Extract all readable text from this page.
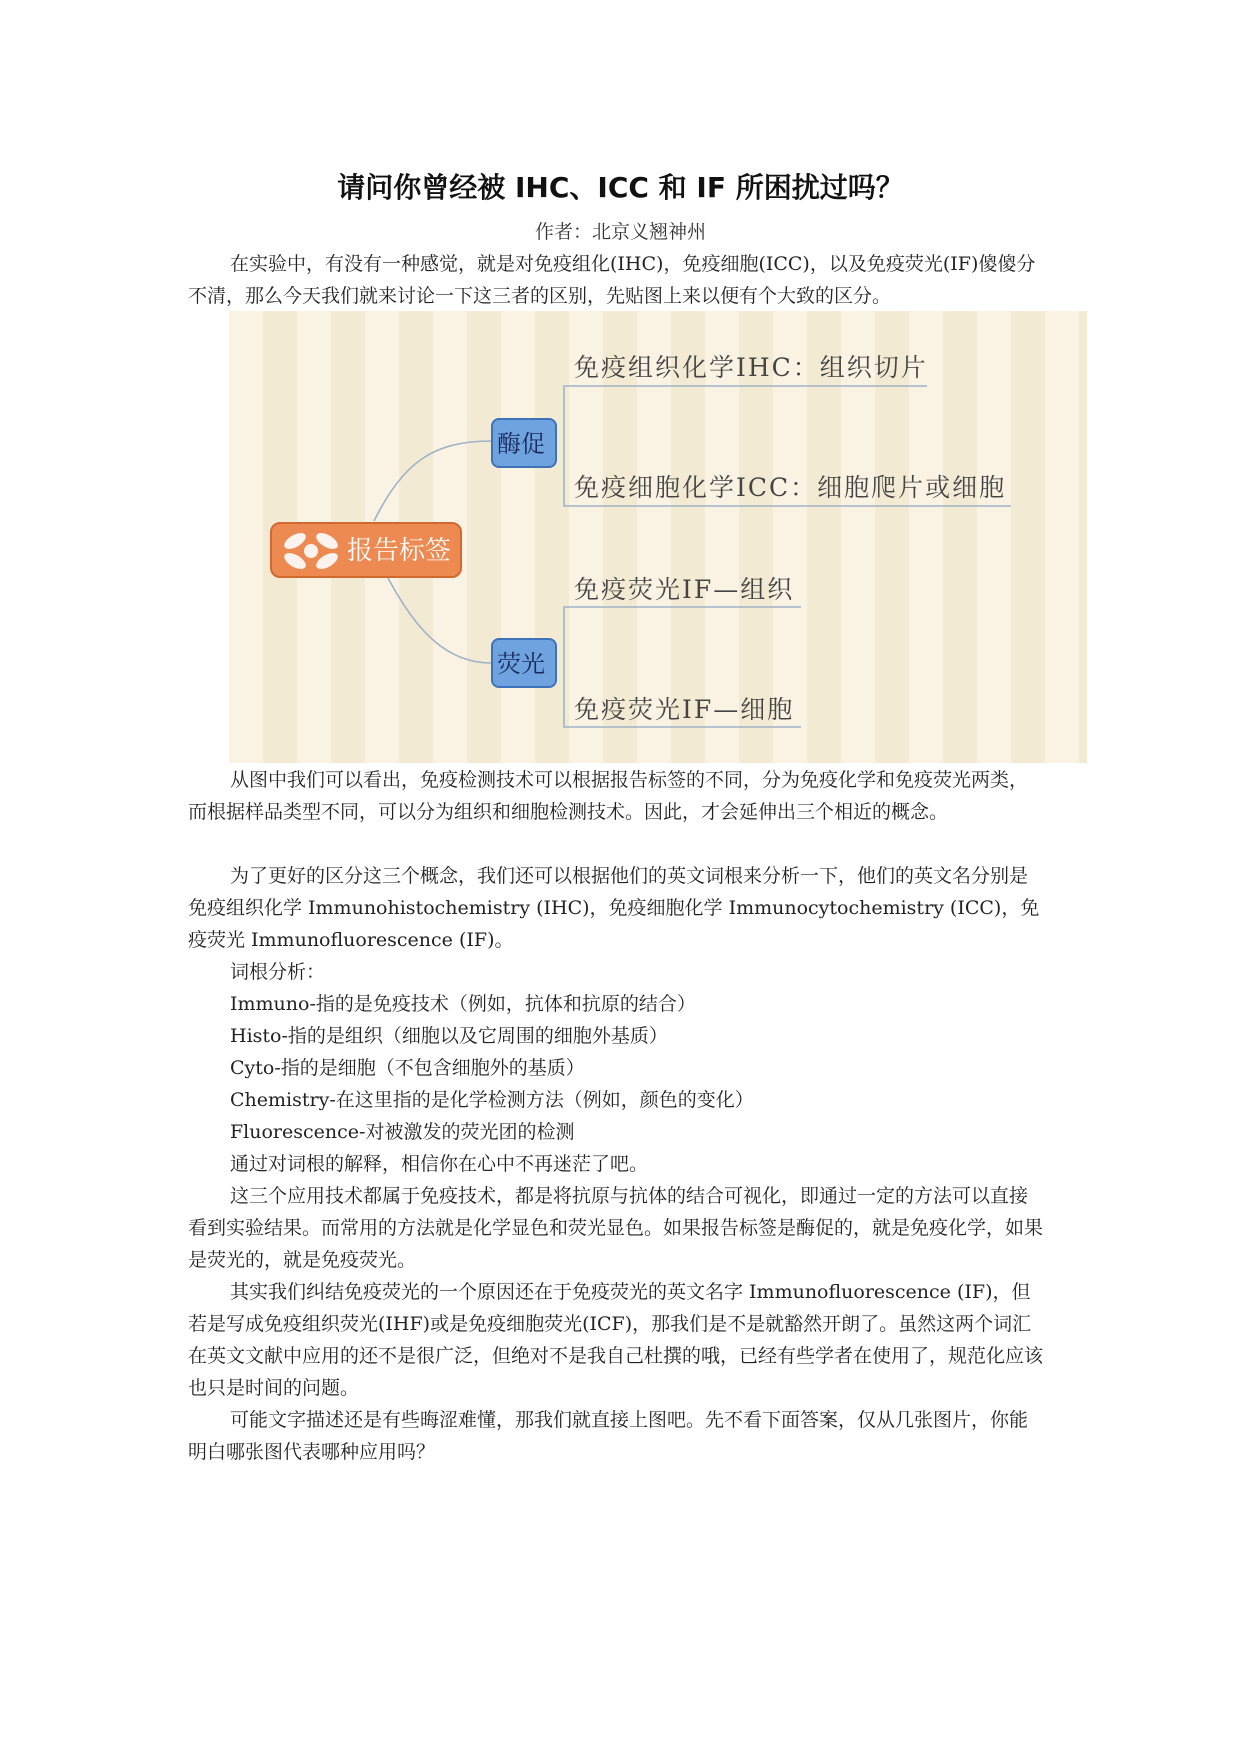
请问你曾经被 IHC、ICC 和 IF 所困扰过吗？
作者：北京义翘神州
在实验中，有没有一种感觉，就是对免疫组化(IHC)，免疫细胞(ICC)，以及免疫荧光(IF)傻傻分不清，那么今天我们就来讨论一下这三者的区别，先贴图上来以便有个大致的区分。
报告标签
酶促
荧光
免疫组织化学IHC：组织切片
免疫细胞化学ICC：细胞爬片或细胞
免疫荧光IF—组织
免疫荧光IF—细胞
从图中我们可以看出，免疫检测技术可以根据报告标签的不同，分为免疫化学和免疫荧光两类，而根据样品类型不同，可以分为组织和细胞检测技术。因此，才会延伸出三个相近的概念。
为了更好的区分这三个概念，我们还可以根据他们的英文词根来分析一下，他们的英文名分别是免疫组织化学 Immunohistochemistry (IHC)，免疫细胞化学 Immunocytochemistry (ICC)，免疫荧光 Immunofluorescence (IF)。
词根分析：
Immuno-指的是免疫技术（例如，抗体和抗原的结合）
Histo-指的是组织（细胞以及它周围的细胞外基质）
Cyto-指的是细胞（不包含细胞外的基质）
Chemistry-在这里指的是化学检测方法（例如，颜色的变化）
Fluorescence-对被激发的荧光团的检测
通过对词根的解释，相信你在心中不再迷茫了吧。
这三个应用技术都属于免疫技术，都是将抗原与抗体的结合可视化，即通过一定的方法可以直接看到实验结果。而常用的方法就是化学显色和荧光显色。如果报告标签是酶促的，就是免疫化学，如果是荧光的，就是免疫荧光。
其实我们纠结免疫荧光的一个原因还在于免疫荧光的英文名字 Immunofluorescence (IF)，但若是写成免疫组织荧光(IHF)或是免疫细胞荧光(ICF)，那我们是不是就豁然开朗了。虽然这两个词汇在英文文献中应用的还不是很广泛，但绝对不是我自己杜撰的哦，已经有些学者在使用了，规范化应该也只是时间的问题。
可能文字描述还是有些晦涩难懂，那我们就直接上图吧。先不看下面答案，仅从几张图片，你能明白哪张图代表哪种应用吗？
